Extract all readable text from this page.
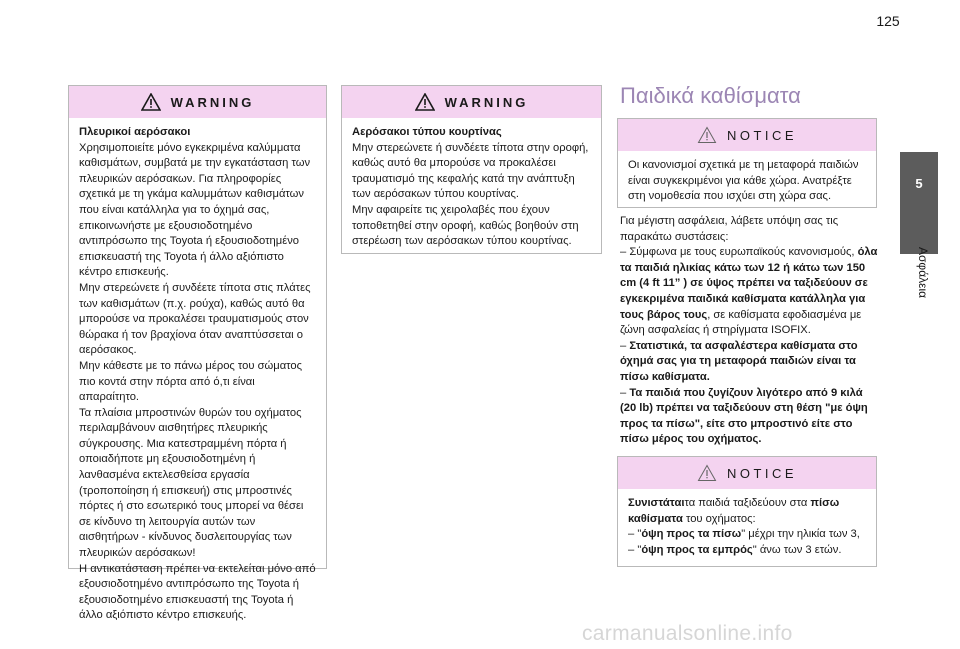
125
WARNING

Πλευρικοί αερόσακοι

Χρησιμοποιείτε μόνο εγκεκριμένα καλύμματα καθισμάτων, συμβατά με την εγκατάσταση των πλευρικών αερόσακων. Για πληροφορίες σχετικά με τη γκάμα καλυμμάτων καθισμάτων που είναι κατάλληλα για το όχημά σας, επικοινωνήστε με εξουσιοδοτημένο αντιπρόσωπο της Toyota ή εξουσιοδοτημένο επισκευαστή της Toyota ή άλλο αξιόπιστο κέντρο επισκευής.

Μην στερεώνετε ή συνδέετε τίποτα στις πλάτες των καθισμάτων (π.χ. ρούχα), καθώς αυτό θα μπορούσε να προκαλέσει τραυματισμούς στον θώρακα ή τον βραχίονα όταν αναπτύσσεται ο αερόσακος.

Μην κάθεστε με το πάνω μέρος του σώματος πιο κοντά στην πόρτα από ό,τι είναι απαραίτητο.

Τα πλαίσια μπροστινών θυρών του οχήματος περιλαμβάνουν αισθητήρες πλευρικής σύγκρουσης. Μια κατεστραμμένη πόρτα ή οποιαδήποτε μη εξουσιοδοτημένη ή λανθασμένα εκτελεσθείσα εργασία (τροποποίηση ή επισκευή) στις μπροστινές πόρτες ή στο εσωτερικό τους μπορεί να θέσει σε κίνδυνο τη λειτουργία αυτών των αισθητήρων - κίνδυνος δυσλειτουργίας των πλευρικών αερόσακων!

Η αντικατάσταση πρέπει να εκτελείται μόνο από εξουσιοδοτημένο αντιπρόσωπο της Toyota ή εξουσιοδοτημένο επισκευαστή της Toyota ή άλλο αξιόπιστο κέντρο επισκευής.

WARNING

Αερόσακοι τύπου κουρτίνας

Μην στερεώνετε ή συνδέετε τίποτα στην οροφή, καθώς αυτό θα μπορούσε να προκαλέσει τραυματισμό της κεφαλής κατά την ανάπτυξη των αερόσακων τύπου κουρτίνας.

Μην αφαιρείτε τις χειρολαβές που έχουν τοποθετηθεί στην οροφή, καθώς βοηθούν στη στερέωση των αερόσακων τύπου κουρτίνας.

Παιδικά καθίσματα
NOTICE

Οι κανονισμοί σχετικά με τη μεταφορά παιδιών είναι συγκεκριμένοι για κάθε χώρα. Ανατρέξτε στη νομοθεσία που ισχύει στη χώρα σας.

Για μέγιστη ασφάλεια, λάβετε υπόψη σας τις παρακάτω συστάσεις:

– Σύμφωνα με τους ευρωπαϊκούς κανονισμούς, όλα τα παιδιά ηλικίας κάτω των 12 ή κάτω των 150 cm (4 ft 11” ) σε ύψος πρέπει να ταξιδεύουν σε εγκεκριμένα παιδικά καθίσματα κατάλληλα για τους βάρος τους, σε καθίσματα εφοδιασμένα με ζώνη ασφαλείας ή στηρίγματα ISOFIX.

– Στατιστικά, τα ασφαλέστερα καθίσματα στο όχημά σας για τη μεταφορά παιδιών είναι τα πίσω καθίσματα.

– Τα παιδιά που ζυγίζουν λιγότερο από 9 κιλά (20 lb) πρέπει να ταξιδεύουν στη θέση "με όψη προς τα πίσω", είτε στο μπροστινό είτε στο πίσω μέρος του οχήματος.

NOTICE

Συνιστάταιτα παιδιά ταξιδεύουν στα πίσω καθίσματα του οχήματος:

– "όψη προς τα πίσω" μέχρι την ηλικία των 3,

– "όψη προς τα εμπρός" άνω των 3 ετών.

5
Ασφάλεια
carmanualsonline.info
